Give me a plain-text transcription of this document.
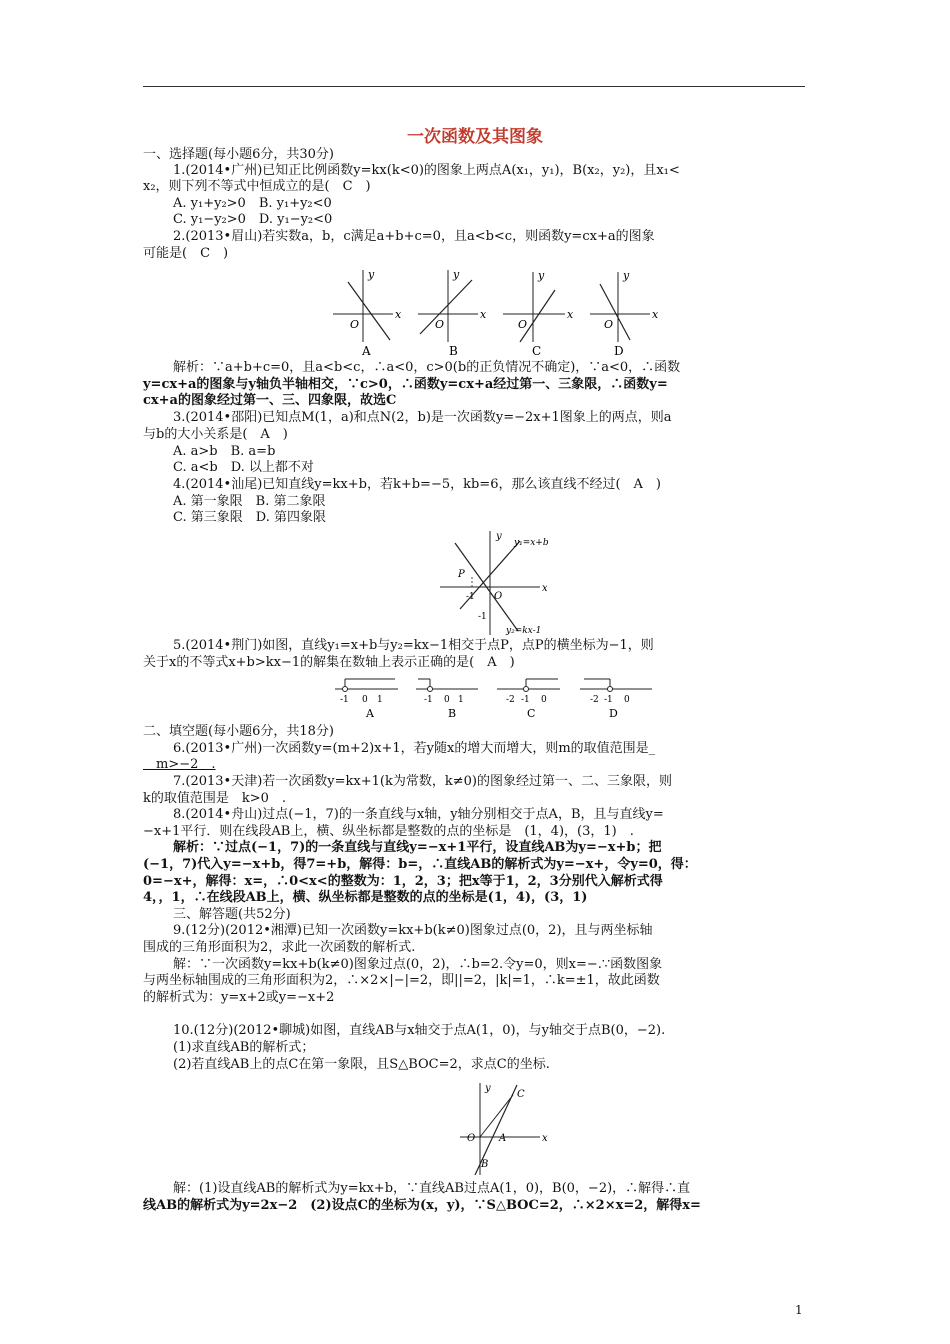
一次函数及其图象
一、选择题(每小题6分，共30分)
1.(2014•广州)已知正比例函数y=kx(k<0)的图象上两点A(x₁，y₁)，B(x₂，y₂)，且x₁<
x₂，则下列不等式中恒成立的是(　C　)
A. y₁+y₂>0　B. y₁+y₂<0
C. y₁−y₂>0　D. y₁−y₂<0
2.(2013•眉山)若实数a，b，c满足a+b+c=0，且a<b<c，则函数y=cx+a的图象
可能是(　C　)
y
x
O
y
x
O
y
x
O
y
x
O
A	B	C	D
解析：∵a+b+c=0，且a<b<c，∴a<0，c>0(b的正负情况不确定)，∵a<0，∴函数
y=cx+a的图象与y轴负半轴相交，∵c>0，∴函数y=cx+a经过第一、三象限，∴函数y=
cx+a的图象经过第一、三、四象限，故选C
3.(2014•邵阳)已知点M(1，a)和点N(2，b)是一次函数y=−2x+1图象上的两点，则a
与b的大小关系是(　A　)
A. a>b　B. a=b
C. a<b　D. 以上都不对
4.(2014•汕尾)已知直线y=kx+b，若k+b=−5，kb=6，那么该直线不经过(　A　)
A. 第一象限　B. 第二象限
C. 第三象限　D. 第四象限
y
x
O
y₁=x+b
y₂=kx-1
P
-1
-1
5.(2014•荆门)如图，直线y₁=x+b与y₂=kx−1相交于点P，点P的横坐标为−1，则
关于x的不等式x+b>kx−1的解集在数轴上表示正确的是(　A　)
-1 0 1
A
-1 0 1
B
-2 -1 0
C
-2 -1 0
D
二、填空题(每小题6分，共18分)
6.(2013•广州)一次函数y=(m+2)x+1，若y随x的增大而增大，则m的取值范围是_
　m>−2　.
7.(2013•天津)若一次函数y=kx+1(k为常数，k≠0)的图象经过第一、二、三象限，则
k的取值范围是　k>0　.
8.(2014•舟山)过点(−1，7)的一条直线与x轴，y轴分别相交于点A，B，且与直线y=
−x+1平行．则在线段AB上，横、纵坐标都是整数的点的坐标是　(1，4)，(3，1)　.
解析：∵过点(−1，7)的一条直线与直线y=−x+1平行，设直线AB为y=−x+b；把
(−1，7)代入y=−x+b，得7=+b，解得：b=，∴直线AB的解析式为y=−x+，令y=0，得：
0=−x+，解得：x=，∴0<x<的整数为：1，2，3；把x等于1，2，3分别代入解析式得
4，，1，∴在线段AB上，横、纵坐标都是整数的点的坐标是(1，4)，(3，1)
三、解答题(共52分)
9.(12分)(2012•湘潭)已知一次函数y=kx+b(k≠0)图象过点(0，2)，且与两坐标轴
围成的三角形面积为2，求此一次函数的解析式.
解：∵一次函数y=kx+b(k≠0)图象过点(0，2)，∴b=2.令y=0，则x=−.∵函数图象
与两坐标轴围成的三角形面积为2，∴×2×|−|=2，即||=2，|k|=1，∴k=±1，故此函数
的解析式为：y=x+2或y=−x+2
10.(12分)(2012•聊城)如图，直线AB与x轴交于点A(1，0)，与y轴交于点B(0，−2).
(1)求直线AB的解析式；
(2)若直线AB上的点C在第一象限，且S△BOC=2，求点C的坐标.
y
x
O A
B
C
解：(1)设直线AB的解析式为y=kx+b，∵直线AB过点A(1，0)，B(0，−2)，∴解得∴直
线AB的解析式为y=2x−2　(2)设点C的坐标为(x，y)，∵S△BOC=2，∴×2×x=2，解得x=
1
